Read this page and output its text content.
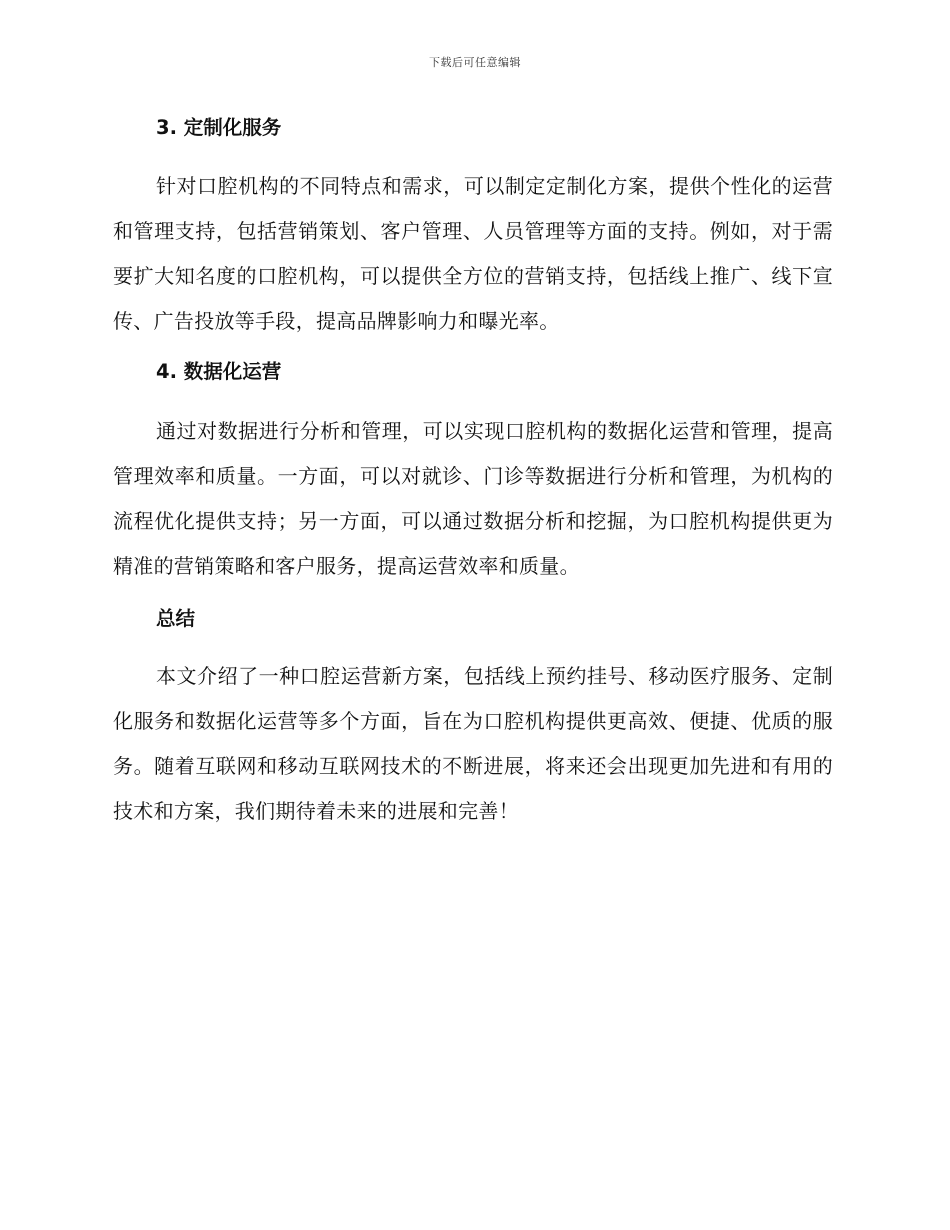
下载后可任意编辑
3. 定制化服务

针对口腔机构的不同特点和需求，可以制定定制化方案，提供个性化的运营和管理支持，包括营销策划、客户管理、人员管理等方面的支持。例如，对于需要扩大知名度的口腔机构，可以提供全方位的营销支持，包括线上推广、线下宣传、广告投放等手段，提高品牌影响力和曝光率。

4. 数据化运营

通过对数据进行分析和管理，可以实现口腔机构的数据化运营和管理，提高管理效率和质量。一方面，可以对就诊、门诊等数据进行分析和管理，为机构的流程优化提供支持；另一方面，可以通过数据分析和挖掘，为口腔机构提供更为精准的营销策略和客户服务，提高运营效率和质量。

总结

本文介绍了一种口腔运营新方案，包括线上预约挂号、移动医疗服务、定制化服务和数据化运营等多个方面，旨在为口腔机构提供更高效、便捷、优质的服务。随着互联网和移动互联网技术的不断进展，将来还会出现更加先进和有用的技术和方案，我们期待着未来的进展和完善！
